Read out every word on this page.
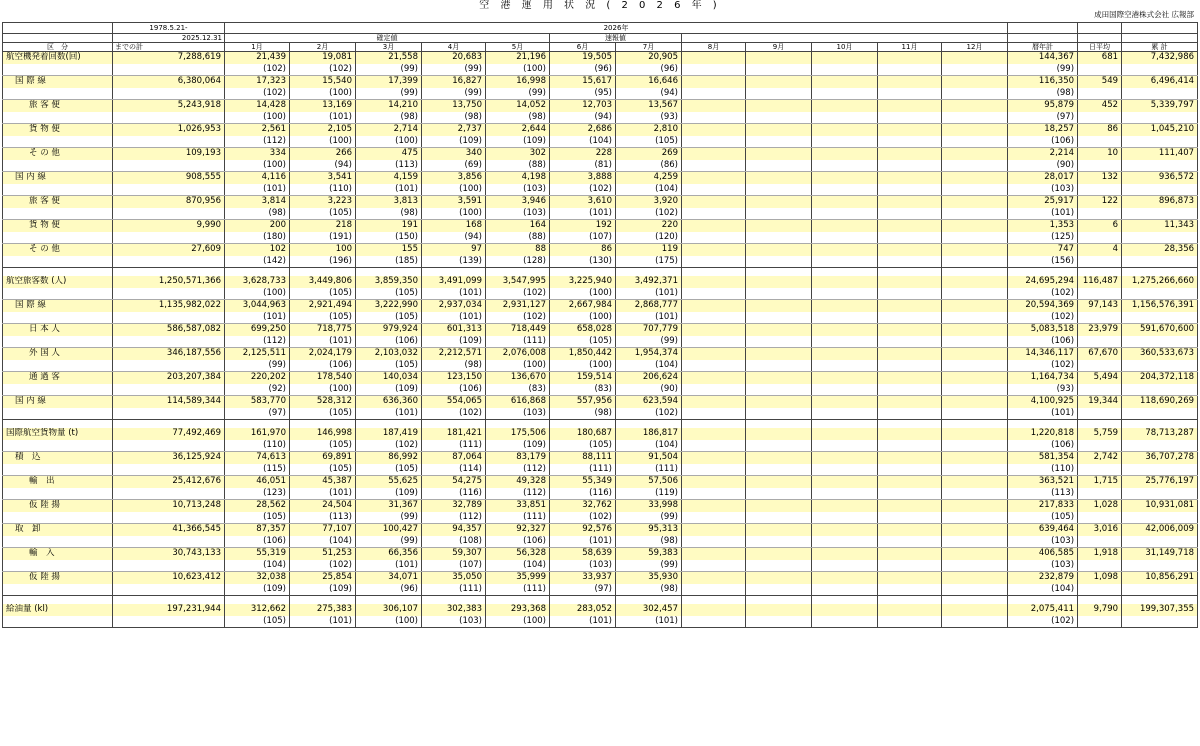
空 港 運 用 状 況 ( 2 0 2 6 年 )
成田国際空港株式会社 広報部
	1978.5.21-	2026年														
	2025.12.31	確定値					速報値									
区　分	までの計	1月	2月	3月	4月	5月	6月	7月	8月	9月	10月	11月	12月	暦年計	日平均	累 計
航空機発着回数(回)	7,288,619	21,439	19,081	21,558	20,683	21,196	19,505	20,905						144,367	681	7,432,986
		(102)	(102)	(99)	(99)	(100)	(96)	(96)						(99)		
国 際 線	6,380,064	17,323	15,540	17,399	16,827	16,998	15,617	16,646						116,350	549	6,496,414
		(102)	(100)	(99)	(99)	(99)	(95)	(94)						(98)		
旅 客 便	5,243,918	14,428	13,169	14,210	13,750	14,052	12,703	13,567						95,879	452	5,339,797
		(100)	(101)	(98)	(98)	(98)	(94)	(93)						(97)		
貨 物 便	1,026,953	2,561	2,105	2,714	2,737	2,644	2,686	2,810						18,257	86	1,045,210
		(112)	(100)	(100)	(109)	(109)	(104)	(105)						(106)		
そ の 他	109,193	334	266	475	340	302	228	269						2,214	10	111,407
		(100)	(94)	(113)	(69)	(88)	(81)	(86)						(90)		
国 内 線	908,555	4,116	3,541	4,159	3,856	4,198	3,888	4,259						28,017	132	936,572
		(101)	(110)	(101)	(100)	(103)	(102)	(104)						(103)		
旅 客 便	870,956	3,814	3,223	3,813	3,591	3,946	3,610	3,920						25,917	122	896,873
		(98)	(105)	(98)	(100)	(103)	(101)	(102)						(101)		
貨 物 便	9,990	200	218	191	168	164	192	220						1,353	6	11,343
		(180)	(191)	(150)	(94)	(88)	(107)	(120)						(125)		
そ の 他	27,609	102	100	155	97	88	86	119						747	4	28,356
		(142)	(196)	(185)	(139)	(128)	(130)	(175)						(156)		

航空旅客数 (人)	1,250,571,366	3,628,733	3,449,806	3,859,350	3,491,099	3,547,995	3,225,940	3,492,371						24,695,294	116,487	1,275,266,660
		(100)	(105)	(105)	(101)	(102)	(100)	(101)						(102)		
国 際 線	1,135,982,022	3,044,963	2,921,494	3,222,990	2,937,034	2,931,127	2,667,984	2,868,777						20,594,369	97,143	1,156,576,391
		(101)	(105)	(105)	(101)	(102)	(100)	(101)						(102)		
日 本 人	586,587,082	699,250	718,775	979,924	601,313	718,449	658,028	707,779						5,083,518	23,979	591,670,600
		(112)	(101)	(106)	(109)	(111)	(105)	(99)						(106)		
外 国 人	346,187,556	2,125,511	2,024,179	2,103,032	2,212,571	2,076,008	1,850,442	1,954,374						14,346,117	67,670	360,533,673
		(99)	(106)	(105)	(98)	(100)	(100)	(104)						(102)		
通 過 客	203,207,384	220,202	178,540	140,034	123,150	136,670	159,514	206,624						1,164,734	5,494	204,372,118
		(92)	(100)	(109)	(106)	(83)	(83)	(90)						(93)		
国 内 線	114,589,344	583,770	528,312	636,360	554,065	616,868	557,956	623,594						4,100,925	19,344	118,690,269
		(97)	(105)	(101)	(102)	(103)	(98)	(102)						(101)		

国際航空貨物量 (t)	77,492,469	161,970	146,998	187,419	181,421	175,506	180,687	186,817						1,220,818	5,759	78,713,287
		(110)	(105)	(102)	(111)	(109)	(105)	(104)						(106)		
積　込	36,125,924	74,613	69,891	86,992	87,064	83,179	88,111	91,504						581,354	2,742	36,707,278
		(115)	(105)	(105)	(114)	(112)	(111)	(111)						(110)		
輸　出	25,412,676	46,051	45,387	55,625	54,275	49,328	55,349	57,506						363,521	1,715	25,776,197
		(123)	(101)	(109)	(116)	(112)	(116)	(119)						(113)		
仮 陸 揚	10,713,248	28,562	24,504	31,367	32,789	33,851	32,762	33,998						217,833	1,028	10,931,081
		(105)	(113)	(99)	(112)	(111)	(102)	(99)						(105)		
取　卸	41,366,545	87,357	77,107	100,427	94,357	92,327	92,576	95,313						639,464	3,016	42,006,009
		(106)	(104)	(99)	(108)	(106)	(101)	(98)						(103)		
輸　入	30,743,133	55,319	51,253	66,356	59,307	56,328	58,639	59,383						406,585	1,918	31,149,718
		(104)	(102)	(101)	(107)	(104)	(103)	(99)						(103)		
仮 陸 揚	10,623,412	32,038	25,854	34,071	35,050	35,999	33,937	35,930						232,879	1,098	10,856,291
		(109)	(109)	(96)	(111)	(111)	(97)	(98)						(104)		

給油量 (kl)	197,231,944	312,662	275,383	306,107	302,383	293,368	283,052	302,457						2,075,411	9,790	199,307,355
		(105)	(101)	(100)	(103)	(100)	(101)	(101)						(102)		
